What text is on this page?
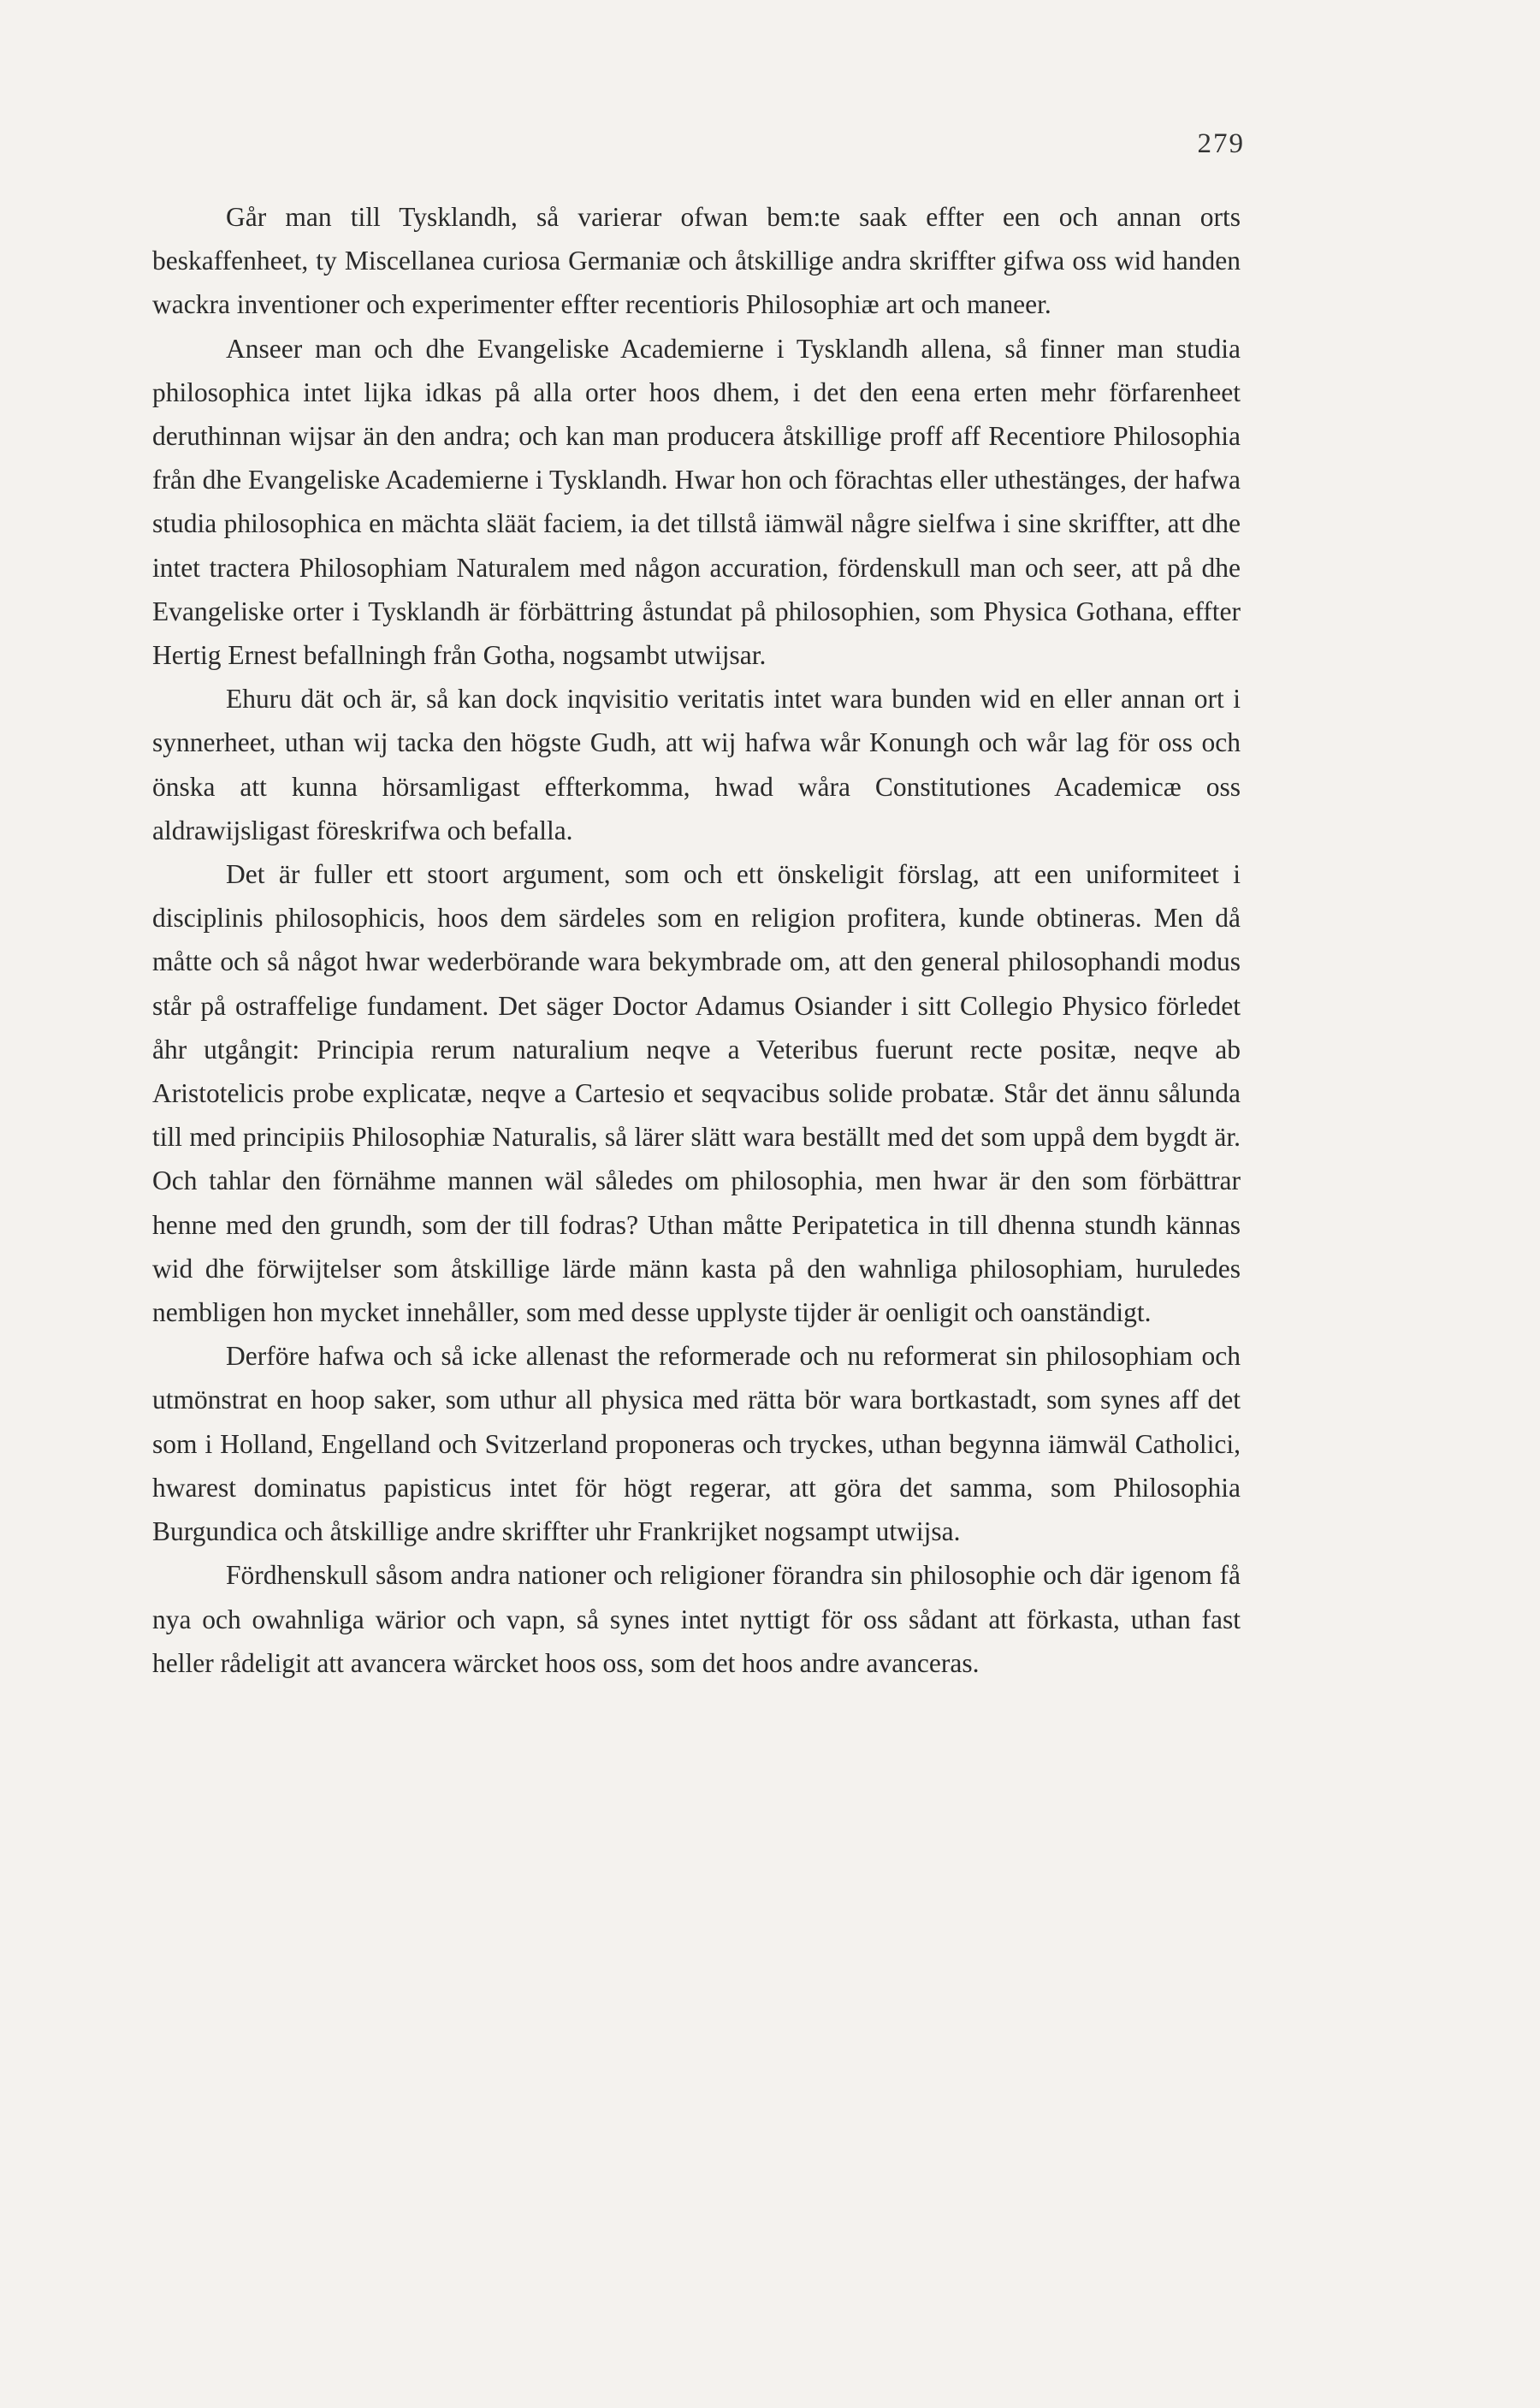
279

Går man till Tysklandh, så varierar ofwan bem:te saak effter een och annan orts beskaffenheet, ty Miscellanea curiosa Germaniæ och åtskillige andra skriffter gifwa oss wid handen wackra inventioner och experimenter effter recentioris Philosophiæ art och maneer.

Anseer man och dhe Evangeliske Academierne i Tysklandh allena, så finner man studia philosophica intet lijka idkas på alla orter hoos dhem, i det den eena erten mehr förfarenheet deruthinnan wijsar än den andra; och kan man producera åtskillige proff aff Recentiore Philosophia från dhe Evangeliske Academierne i Tysklandh. Hwar hon och förachtas eller uthestänges, der hafwa studia philosophica en mächta släät faciem, ia det tillstå iämwäl någre sielfwa i sine skriffter, att dhe intet tractera Philosophiam Naturalem med någon accuration, fördenskull man och seer, att på dhe Evangeliske orter i Tysklandh är förbättring åstundat på philosophien, som Physica Gothana, effter Hertig Ernest befallningh från Gotha, nogsambt utwijsar.

Ehuru dät och är, så kan dock inqvisitio veritatis intet wara bunden wid en eller annan ort i synnerheet, uthan wij tacka den högste Gudh, att wij hafwa wår Konungh och wår lag för oss och önska att kunna hörsamligast effterkomma, hwad wåra Constitutiones Academicæ oss aldrawijsligast föreskrifwa och befalla.

Det är fuller ett stoort argument, som och ett önskeligit förslag, att een uniformiteet i disciplinis philosophicis, hoos dem särdeles som en religion profitera, kunde obtineras. Men då måtte och så något hwar wederbörande wara bekymbrade om, att den general philosophandi modus står på ostraffelige fundament. Det säger Doctor Adamus Osiander i sitt Collegio Physico förledet åhr utgångit: Principia rerum naturalium neqve a Veteribus fuerunt recte positæ, neqve ab Aristotelicis probe explicatæ, neqve a Cartesio et seqvacibus solide probatæ. Står det ännu sålunda till med principiis Philosophiæ Naturalis, så lärer slätt wara beställt med det som uppå dem bygdt är. Och tahlar den förnähme mannen wäl således om philosophia, men hwar är den som förbättrar henne med den grundh, som der till fodras? Uthan måtte Peripatetica in till dhenna stundh kännas wid dhe förwijtelser som åtskillige lärde männ kasta på den wahnliga philosophiam, huruledes nembligen hon mycket innehåller, som med desse upplyste tijder är oenligit och oanständigt.

Derföre hafwa och så icke allenast the reformerade och nu reformerat sin philosophiam och utmönstrat en hoop saker, som uthur all physica med rätta bör wara bortkastadt, som synes aff det som i Holland, Engelland och Svitzerland proponeras och tryckes, uthan begynna iämwäl Catholici, hwarest dominatus papisticus intet för högt regerar, att göra det samma, som Philosophia Burgundica och åtskillige andre skriffter uhr Frankrijket nogsampt utwijsa.

Fördhenskull såsom andra nationer och religioner förandra sin philosophie och där igenom få nya och owahnliga wärior och vapn, så synes intet nyttigt för oss sådant att förkasta, uthan fast heller rådeligit att avancera wärcket hoos oss, som det hoos andre avanceras.
